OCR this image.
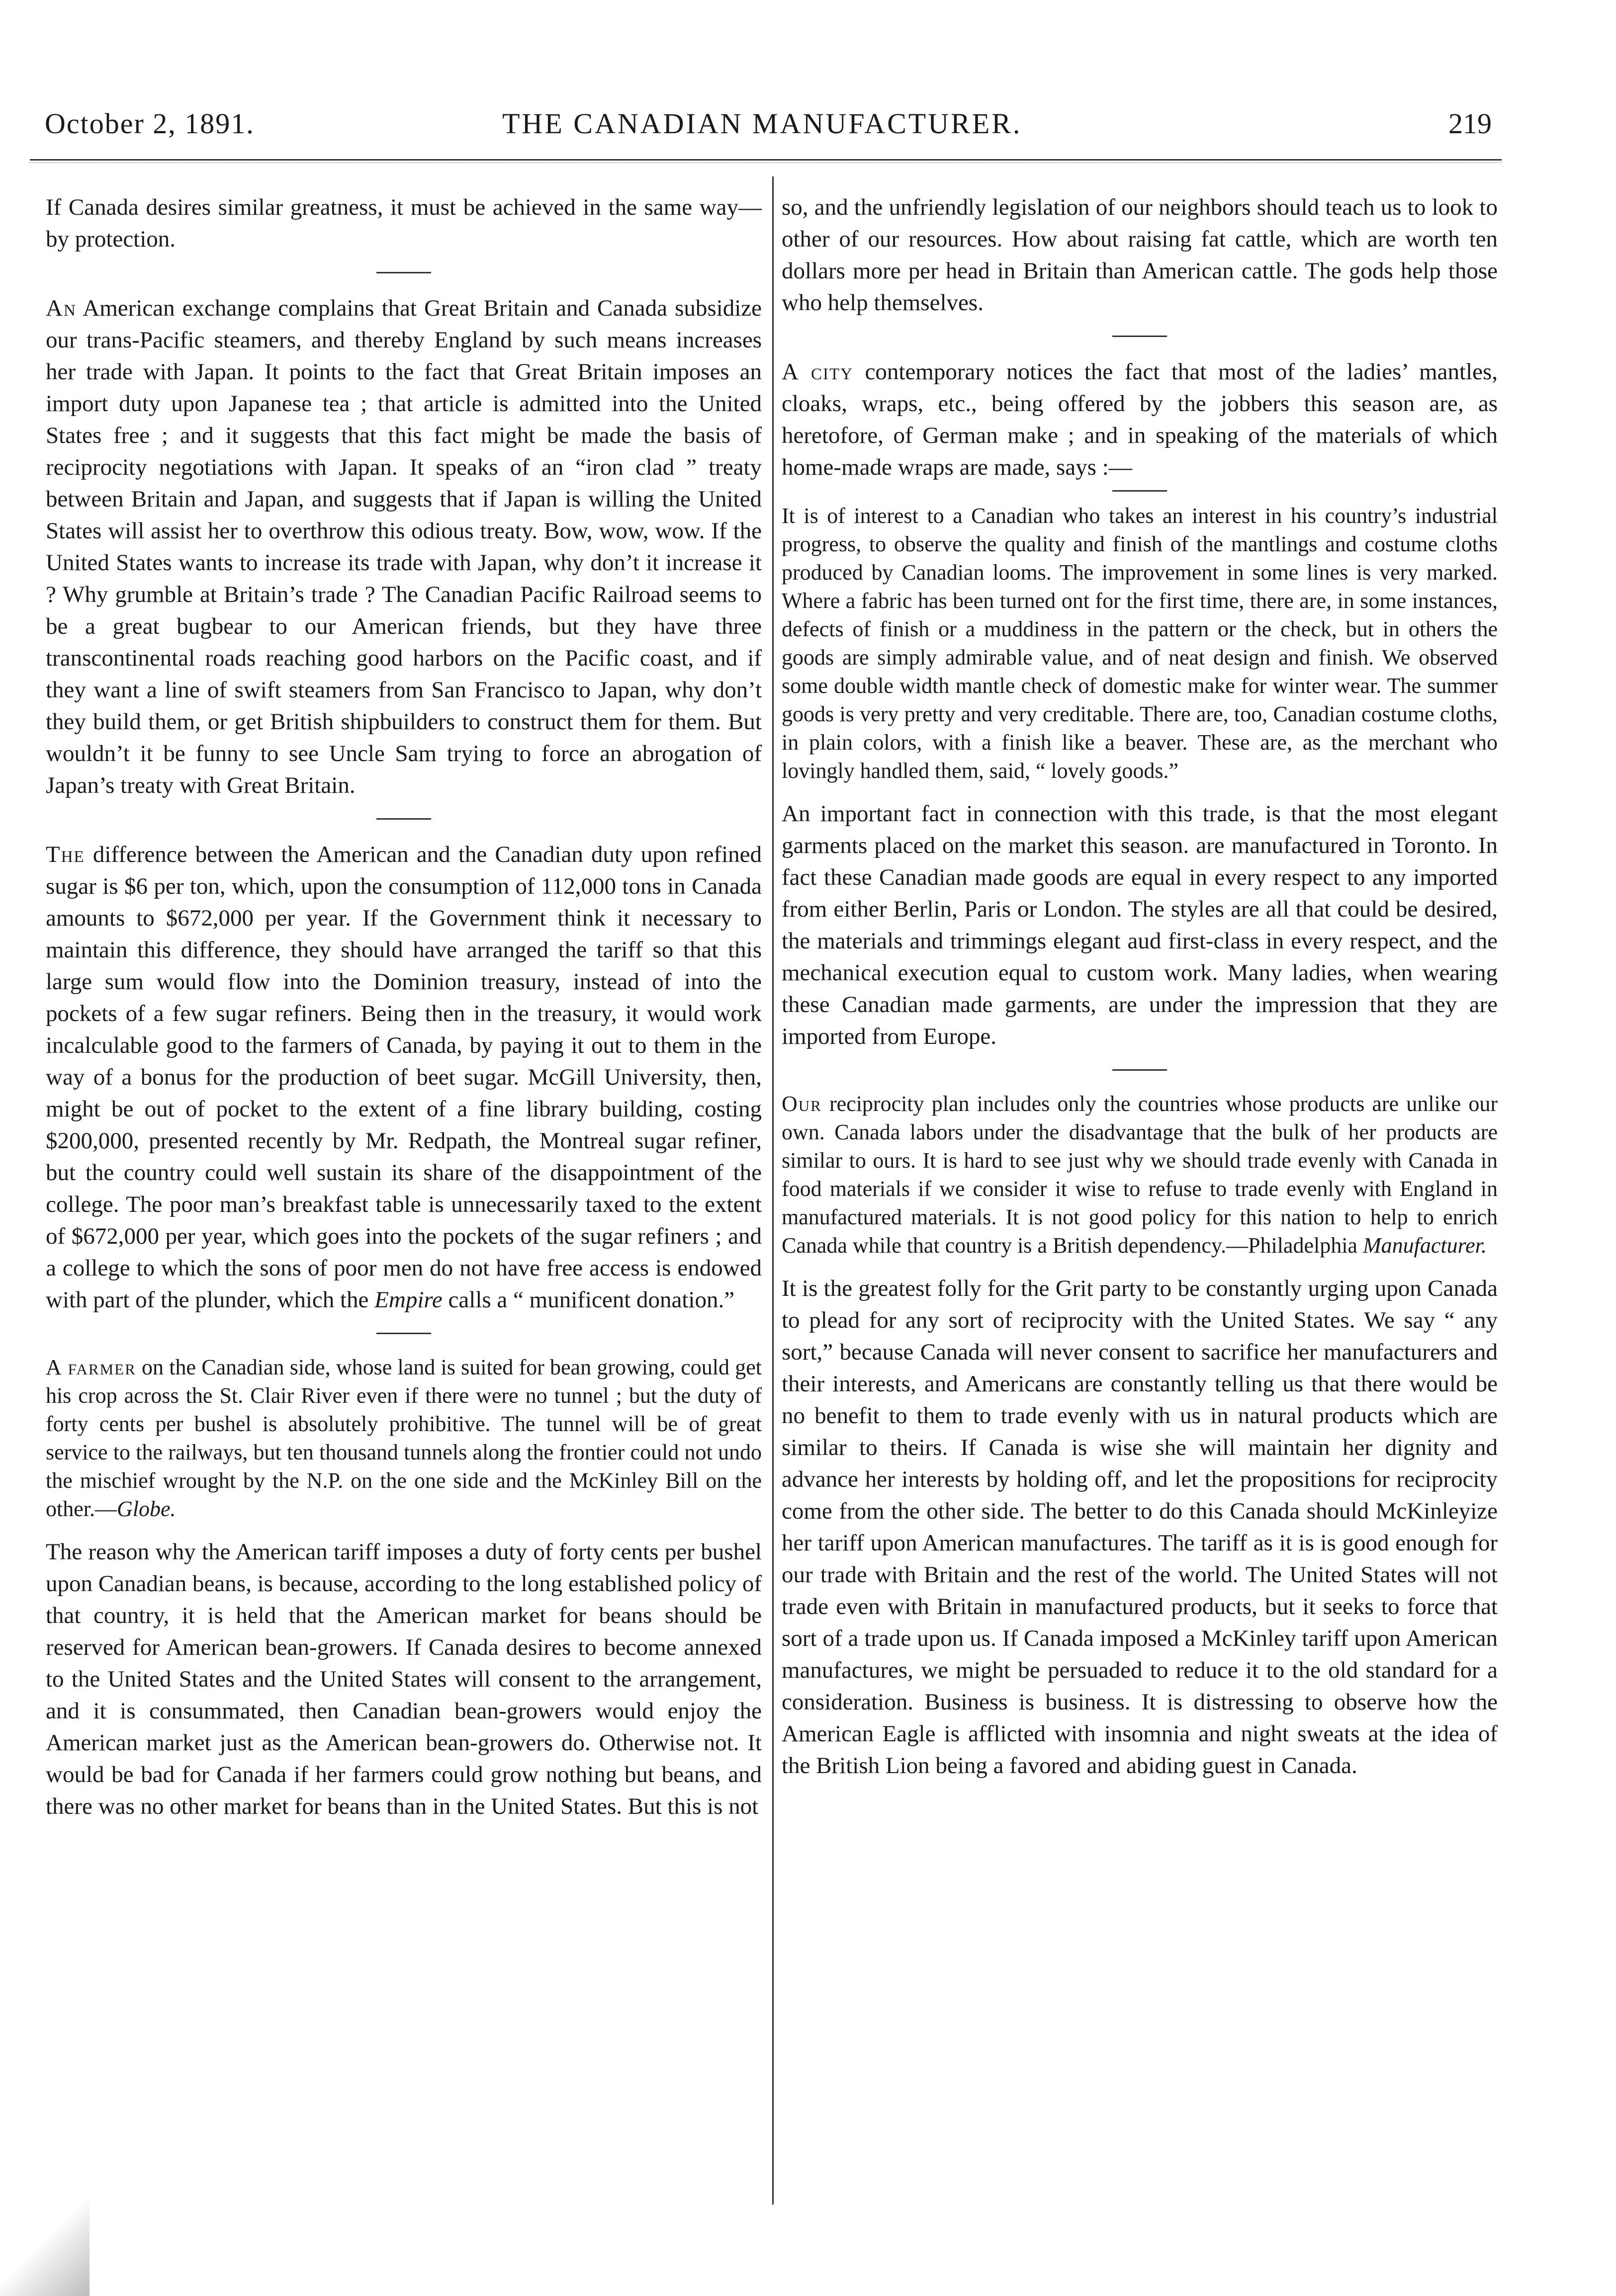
October 2, 1891.	THE CANADIAN MANUFACTURER.	219

If Canada desires similar greatness, it must be achieved in the same way—by protection.

An American exchange complains that Great Britain and Canada subsidize our trans-Pacific steamers, and thereby England by such means increases her trade with Japan. It points to the fact that Great Britain imposes an import duty upon Japanese tea ; that article is admitted into the United States free ; and it suggests that this fact might be made the basis of reciprocity negotiations with Japan. It speaks of an “iron clad ” treaty between Britain and Japan, and suggests that if Japan is willing the United States will assist her to overthrow this odious treaty. Bow, wow, wow. If the United States wants to increase its trade with Japan, why don’t it increase it ? Why grumble at Britain’s trade ? The Canadian Pacific Railroad seems to be a great bugbear to our American friends, but they have three transcontinental roads reaching good harbors on the Pacific coast, and if they want a line of swift steamers from San Francisco to Japan, why don’t they build them, or get British shipbuilders to construct them for them. But wouldn’t it be funny to see Uncle Sam trying to force an abrogation of Japan’s treaty with Great Britain.

The difference between the American and the Canadian duty upon refined sugar is $6 per ton, which, upon the consumption of 112,000 tons in Canada amounts to $672,000 per year. If the Government think it necessary to maintain this difference, they should have arranged the tariff so that this large sum would flow into the Dominion treasury, instead of into the pockets of a few sugar refiners. Being then in the treasury, it would work incalculable good to the farmers of Canada, by paying it out to them in the way of a bonus for the production of beet sugar. McGill University, then, might be out of pocket to the extent of a fine library building, costing $200,000, presented recently by Mr. Redpath, the Montreal sugar refiner, but the country could well sustain its share of the disappointment of the college. The poor man’s breakfast table is unnecessarily taxed to the extent of $672,000 per year, which goes into the pockets of the sugar refiners ; and a college to which the sons of poor men do not have free access is endowed with part of the plunder, which the Empire calls a “ munificent donation.”

A farmer on the Canadian side, whose land is suited for bean growing, could get his crop across the St. Clair River even if there were no tunnel ; but the duty of forty cents per bushel is absolutely prohibitive. The tunnel will be of great service to the railways, but ten thousand tunnels along the frontier could not undo the mischief wrought by the N.P. on the one side and the McKinley Bill on the other.—Globe.

The reason why the American tariff imposes a duty of forty cents per bushel upon Canadian beans, is because, according to the long established policy of that country, it is held that the American market for beans should be reserved for American bean-growers. If Canada desires to become annexed to the United States and the United States will consent to the arrangement, and it is consummated, then Canadian bean-growers would enjoy the American market just as the American bean-growers do. Otherwise not. It would be bad for Canada if her farmers could grow nothing but beans, and there was no other market for beans than in the United States. But this is not

so, and the unfriendly legislation of our neighbors should teach us to look to other of our resources. How about raising fat cattle, which are worth ten dollars more per head in Britain than American cattle. The gods help those who help themselves.

A city contemporary notices the fact that most of the ladies’ mantles, cloaks, wraps, etc., being offered by the jobbers this season are, as heretofore, of German make ; and in speaking of the materials of which home-made wraps are made, says :—

It is of interest to a Canadian who takes an interest in his country’s industrial progress, to observe the quality and finish of the mantlings and costume cloths produced by Canadian looms. The improvement in some lines is very marked. Where a fabric has been turned ont for the first time, there are, in some instances, defects of finish or a muddiness in the pattern or the check, but in others the goods are simply admirable value, and of neat design and finish. We observed some double width mantle check of domestic make for winter wear. The summer goods is very pretty and very creditable. There are, too, Canadian costume cloths, in plain colors, with a finish like a beaver. These are, as the merchant who lovingly handled them, said, “ lovely goods.”

An important fact in connection with this trade, is that the most elegant garments placed on the market this season. are manufactured in Toronto. In fact these Canadian made goods are equal in every respect to any imported from either Berlin, Paris or London. The styles are all that could be desired, the materials and trimmings elegant aud first-class in every respect, and the mechanical execution equal to custom work. Many ladies, when wearing these Canadian made garments, are under the impression that they are imported from Europe.

Our reciprocity plan includes only the countries whose products are unlike our own. Canada labors under the disadvantage that the bulk of her products are similar to ours. It is hard to see just why we should trade evenly with Canada in food materials if we consider it wise to refuse to trade evenly with England in manufactured materials. It is not good policy for this nation to help to enrich Canada while that country is a British dependency.—Philadelphia Manufacturer.

It is the greatest folly for the Grit party to be constantly urging upon Canada to plead for any sort of reciprocity with the United States. We say “ any sort,” because Canada will never consent to sacrifice her manufacturers and their interests, and Americans are constantly telling us that there would be no benefit to them to trade evenly with us in natural products which are similar to theirs. If Canada is wise she will maintain her dignity and advance her interests by holding off, and let the propositions for reciprocity come from the other side. The better to do this Canada should McKinleyize her tariff upon American manufactures. The tariff as it is is good enough for our trade with Britain and the rest of the world. The United States will not trade even with Britain in manufactured products, but it seeks to force that sort of a trade upon us. If Canada imposed a McKinley tariff upon American manufactures, we might be persuaded to reduce it to the old standard for a consideration. Business is business. It is distressing to observe how the American Eagle is afflicted with insomnia and night sweats at the idea of the British Lion being a favored and abiding guest in Canada.
